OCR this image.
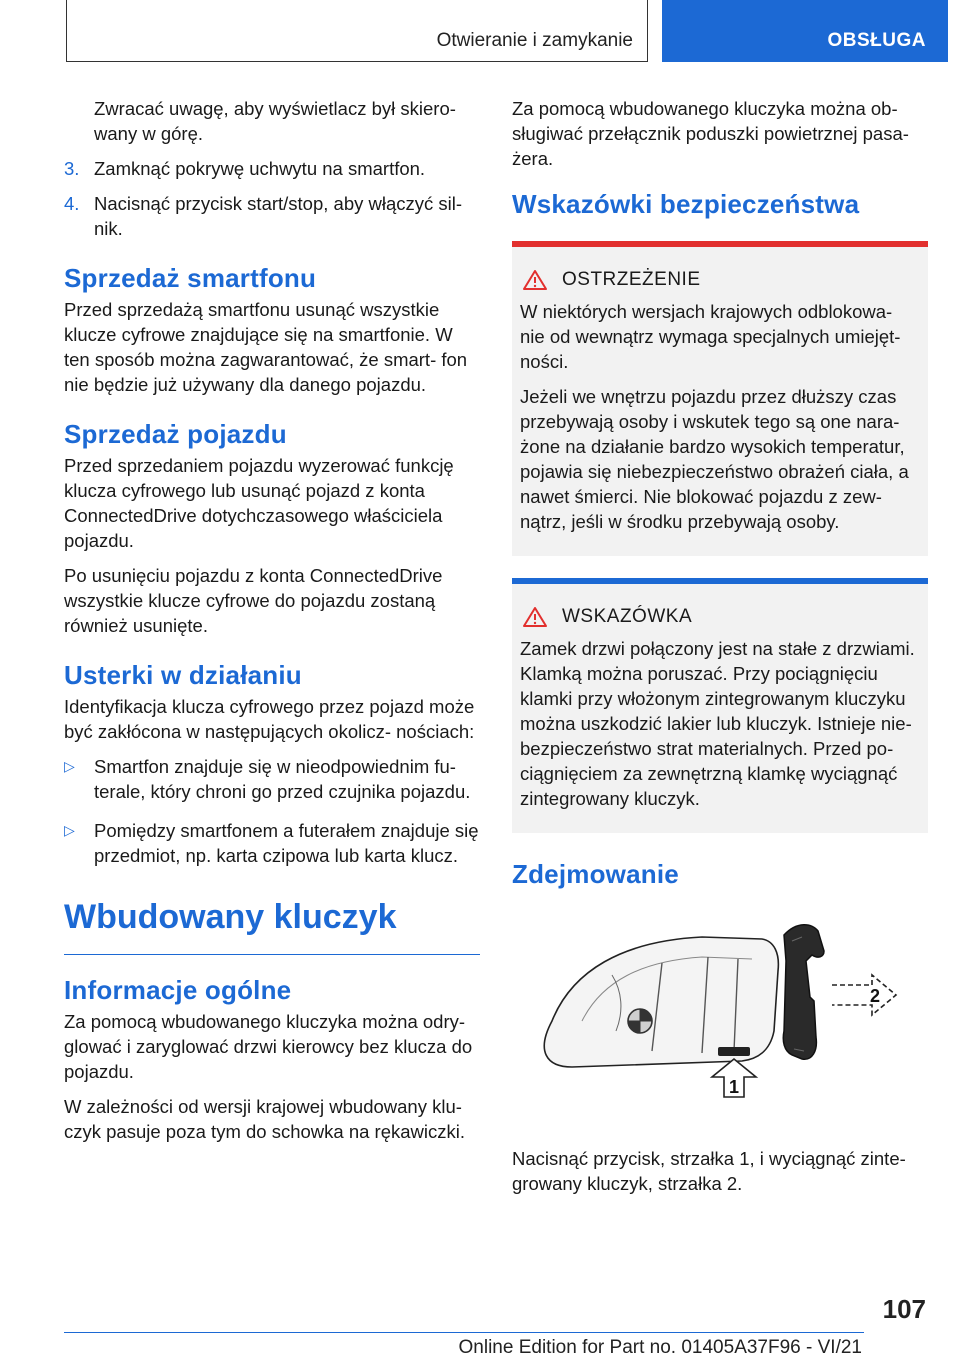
Otwieranie i zamykanie	OBSŁUGA

Zwracać uwagę, aby wyświetlacz był skiero‐ wany w górę.

3. Zamknąć pokrywę uchwytu na smartfon.
4. Nacisnąć przycisk start/stop, aby włączyć sil‐ nik.
Sprzedaż smartfonu

Przed sprzedażą smartfonu usunąć wszystkie klucze cyfrowe znajdujące się na smartfonie. W ten sposób można zagwarantować, że smart‐ fon nie będzie już używany dla danego pojazdu.

Sprzedaż pojazdu

Przed sprzedaniem pojazdu wyzerować funkcję klucza cyfrowego lub usunąć pojazd z konta ConnectedDrive dotychczasowego właściciela pojazdu.

Po usunięciu pojazdu z konta ConnectedDrive wszystkie klucze cyfrowe do pojazdu zostaną również usunięte.

Usterki w działaniu

Identyfikacja klucza cyfrowego przez pojazd może być zakłócona w następujących okolicz‐ nościach:

▷ Smartfon znajduje się w nieodpowiednim fu‐ terale, który chroni go przed czujnika pojazdu.
▷ Pomiędzy smartfonem a futerałem znajduje się przedmiot, np. karta czipowa lub karta klucz.
Wbudowany kluczyk
Informacje ogólne

Za pomocą wbudowanego kluczyka można odry‐ glować i zaryglować drzwi kierowcy bez klucza do pojazdu.

W zależności od wersji krajowej wbudowany klu‐ czyk pasuje poza tym do schowka na rękawiczki.

Za pomocą wbudowanego kluczyka można ob‐ sługiwać przełącznik poduszki powietrznej pasa‐ żera.

Wskazówki bezpieczeństwa
OSTRZEŻENIE

W niektórych wersjach krajowych odblokowa‐ nie od wewnątrz wymaga specjalnych umiejęt‐ ności.

Jeżeli we wnętrzu pojazdu przez dłuższy czas przebywają osoby i wskutek tego są one nara‐ żone na działanie bardzo wysokich temperatur, pojawia się niebezpieczeństwo obrażeń ciała, a nawet śmierci. Nie blokować pojazdu z zew‐ nątrz, jeśli w środku przebywają osoby.

WSKAZÓWKA

Zamek drzwi połączony jest na stałe z drzwiami. Klamką można poruszać. Przy pociągnięciu klamki przy włożonym zintegrowanym kluczyku można uszkodzić lakier lub kluczyk. Istnieje nie‐ bezpieczeństwo strat materialnych. Przed po‐ ciągnięciem za zewnętrzną klamkę wyciągnąć zintegrowany kluczyk.

Zdejmowanie
2
1

Nacisnąć przycisk, strzałka 1, i wyciągnąć zinte‐ growany kluczyk, strzałka 2.

107
Online Edition for Part no. 01405A37F96 - VI/21
